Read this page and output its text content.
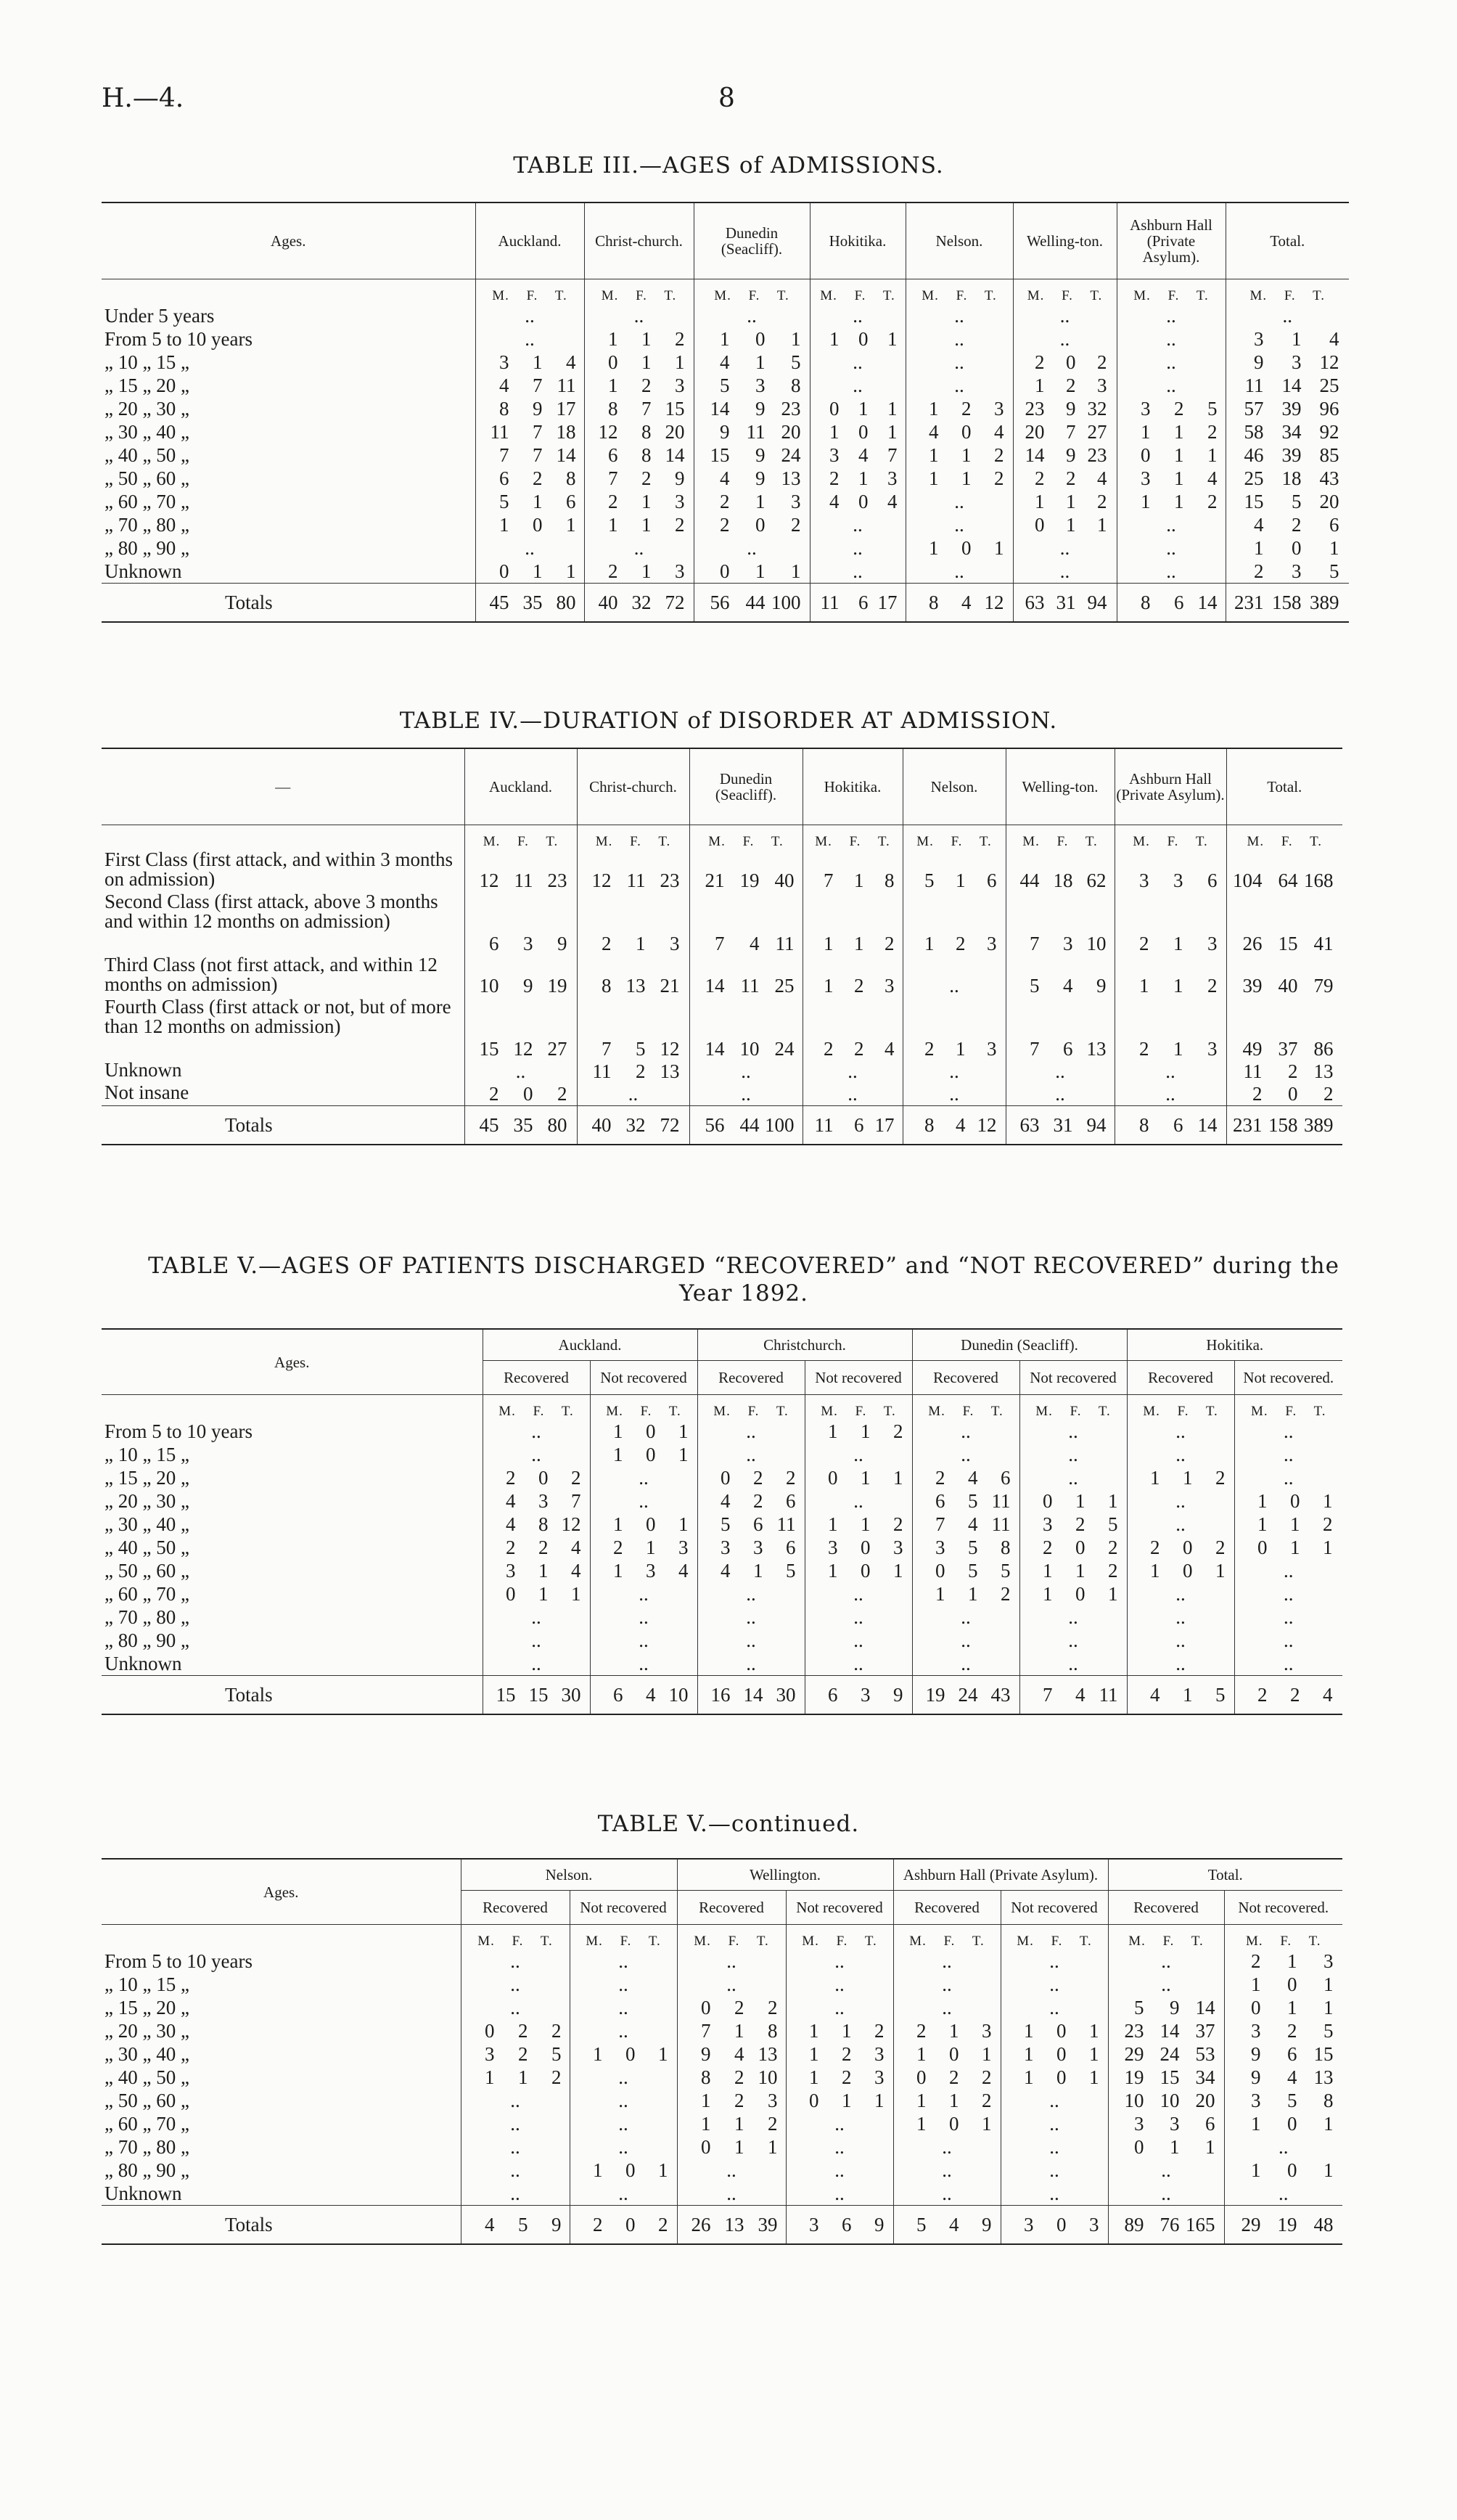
H.—4.	8
TABLE III.—AGES of ADMISSIONS.
Ages.	Auckland.	Christ-church.	Dunedin (Seacliff).	Hokitika.	Nelson.	Welling-ton.	Ashburn Hall (Private Asylum).	Total.
	M. F. T.	M. F. T.	M. F. T.	M. F. T.	M. F. T.	M. F. T.	M. F. T.	M. F. T.
Under 5 years	..	..	..	..	..	..	..	..
From 5 to 10 years	..	1 1 2	1 0 1	1 0 1	..	..	..	3 1 4
„ 10 „ 15 „	3 1 4	0 1 1	4 1 5	..	..	2 0 2	..	9 3 12
„ 15 „ 20 „	4 7 11	1 2 3	5 3 8	..	..	1 2 3	..	11 14 25
„ 20 „ 30 „	8 9 17	8 7 15	14 9 23	0 1 1	1 2 3	23 9 32	3 2 5	57 39 96
„ 30 „ 40 „	11 7 18	12 8 20	9 11 20	1 0 1	4 0 4	20 7 27	1 1 2	58 34 92
„ 40 „ 50 „	7 7 14	6 8 14	15 9 24	3 4 7	1 1 2	14 9 23	0 1 1	46 39 85
„ 50 „ 60 „	6 2 8	7 2 9	4 9 13	2 1 3	1 1 2	2 2 4	3 1 4	25 18 43
„ 60 „ 70 „	5 1 6	2 1 3	2 1 3	4 0 4	..	1 1 2	1 1 2	15 5 20
„ 70 „ 80 „	1 0 1	1 1 2	2 0 2	..	..	0 1 1	..	4 2 6
„ 80 „ 90 „	..	..	..	..	1 0 1	..	..	1 0 1
Unknown	0 1 1	2 1 3	0 1 1	..	..	..	..	2 3 5
Totals	45 35 80	40 32 72	56 44 100	11 6 17	8 4 12	63 31 94	8 6 14	231 158 389
TABLE IV.—DURATION of DISORDER AT ADMISSION.
—	Auckland.	Christ-church.	Dunedin (Seacliff).	Hokitika.	Nelson.	Welling-ton.	Ashburn Hall (Private Asylum).	Total.
	M. F. T.	M. F. T.	M. F. T.	M. F. T.	M. F. T.	M. F. T.	M. F. T.	M. F. T.
First Class (first attack, and within 3 months on admission)	12 11 23	12 11 23	21 19 40	7 1 8	5 1 6	44 18 62	3 3 6	104 64 168
Second Class (first attack, above 3 months and within 12 months on admission)	6 3 9	2 1 3	7 4 11	1 1 2	1 2 3	7 3 10	2 1 3	26 15 41
Third Class (not first attack, and within 12 months on admission)	10 9 19	8 13 21	14 11 25	1 2 3	..	5 4 9	1 1 2	39 40 79
Fourth Class (first attack or not, but of more than 12 months on admission)	15 12 27	7 5 12	14 10 24	2 2 4	2 1 3	7 6 13	2 1 3	49 37 86
Unknown	..	11 2 13	..	..	..	..	..	11 2 13
Not insane	2 0 2	..	..	..	..	..	..	2 0 2
Totals	45 35 80	40 32 72	56 44 100	11 6 17	8 4 12	63 31 94	8 6 14	231 158 389
TABLE V.—AGES OF PATIENTS DISCHARGED “RECOVERED” and “NOT RECOVERED” during the Year 1892.
Ages.	Auckland.		Christchurch.		Dunedin (Seacliff).		Hokitika.	
	Recovered	Not recovered	Recovered	Not recovered	Recovered	Not recovered	Recovered	Not recovered.
	M. F. T.	M. F. T.	M. F. T.	M. F. T.	M. F. T.	M. F. T.	M. F. T.	M. F. T.
From 5 to 10 years	..	1 0 1	..	1 1 2	..	..	..	..
„ 10 „ 15 „	..	1 0 1	..	..	..	..	..	..
„ 15 „ 20 „	2 0 2	..	0 2 2	0 1 1	2 4 6	..	1 1 2	..
„ 20 „ 30 „	4 3 7	..	4 2 6	..	6 5 11	0 1 1	..	1 0 1
„ 30 „ 40 „	4 8 12	1 0 1	5 6 11	1 1 2	7 4 11	3 2 5	..	1 1 2
„ 40 „ 50 „	2 2 4	2 1 3	3 3 6	3 0 3	3 5 8	2 0 2	2 0 2	0 1 1
„ 50 „ 60 „	3 1 4	1 3 4	4 1 5	1 0 1	0 5 5	1 1 2	1 0 1	..
„ 60 „ 70 „	0 1 1	..	..	..	1 1 2	1 0 1	..	..
„ 70 „ 80 „	..	..	..	..	..	..	..	..
„ 80 „ 90 „	..	..	..	..	..	..	..	..
Unknown	..	..	..	..	..	..	..	..
Totals	15 15 30	6 4 10	16 14 30	6 3 9	19 24 43	7 4 11	4 1 5	2 2 4
TABLE V.—continued.
Ages.	Nelson.		Wellington.		Ashburn Hall (Private Asylum).		Total.	
	Recovered	Not recovered	Recovered	Not recovered	Recovered	Not recovered	Recovered	Not recovered.
	M. F. T.	M. F. T.	M. F. T.	M. F. T.	M. F. T.	M. F. T.	M. F. T.	M. F. T.
From 5 to 10 years	..	..	..	..	..	..	..	2 1 3
„ 10 „ 15 „	..	..	..	..	..	..	..	1 0 1
„ 15 „ 20 „	..	..	0 2 2	..	..	..	5 9 14	0 1 1
„ 20 „ 30 „	0 2 2	..	7 1 8	1 1 2	2 1 3	1 0 1	23 14 37	3 2 5
„ 30 „ 40 „	3 2 5	1 0 1	9 4 13	1 2 3	1 0 1	1 0 1	29 24 53	9 6 15
„ 40 „ 50 „	1 1 2	..	8 2 10	1 2 3	0 2 2	1 0 1	19 15 34	9 4 13
„ 50 „ 60 „	..	..	1 2 3	0 1 1	1 1 2	..	10 10 20	3 5 8
„ 60 „ 70 „	..	..	1 1 2	..	1 0 1	..	3 3 6	1 0 1
„ 70 „ 80 „	..	..	0 1 1	..	..	..	0 1 1	..
„ 80 „ 90 „	..	1 0 1	..	..	..	..	..	1 0 1
Unknown	..	..	..	..	..	..	..	..
Totals	4 5 9	2 0 2	26 13 39	3 6 9	5 4 9	3 0 3	89 76 165	29 19 48
